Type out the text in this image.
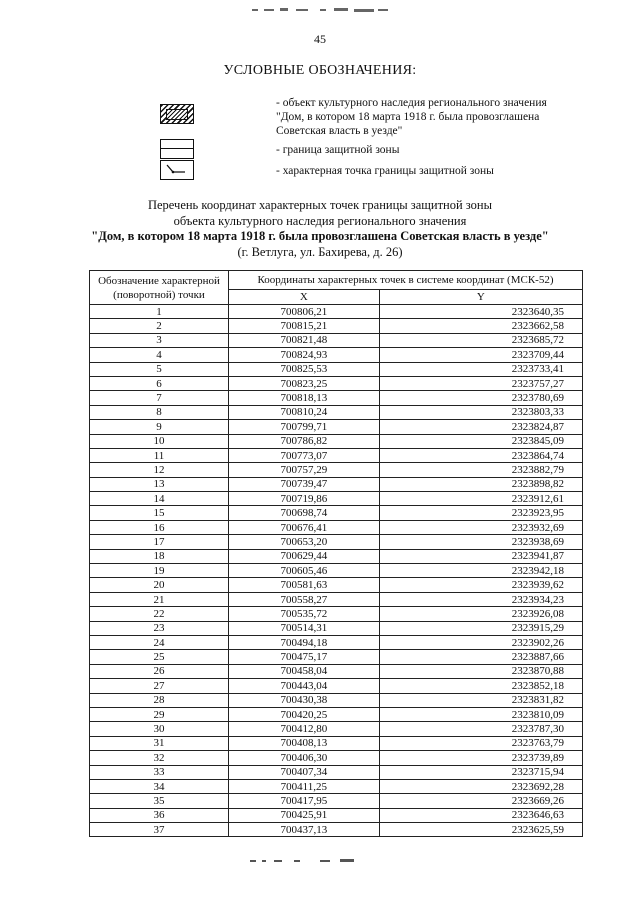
45
УСЛОВНЫЕ ОБОЗНАЧЕНИЯ:
- объект культурного наследия регионального значения "Дом, в котором 18 марта 1918 г. была провозглашена Советская власть в уезде"
- граница защитной зоны
- характерная точка границы защитной зоны
Перечень координат характерных точек границы защитной зоны
объекта культурного наследия регионального значения
"Дом, в котором 18 марта 1918 г. была провозглашена Советская власть в уезде"
(г. Ветлуга, ул. Бахирева, д. 26)
Обозначение характерной (поворотной) точки	Координаты характерных точек в системе координат (МСК-52)	
	X	Y
1	700806,21	2323640,35
2	700815,21	2323662,58
3	700821,48	2323685,72
4	700824,93	2323709,44
5	700825,53	2323733,41
6	700823,25	2323757,27
7	700818,13	2323780,69
8	700810,24	2323803,33
9	700799,71	2323824,87
10	700786,82	2323845,09
11	700773,07	2323864,74
12	700757,29	2323882,79
13	700739,47	2323898,82
14	700719,86	2323912,61
15	700698,74	2323923,95
16	700676,41	2323932,69
17	700653,20	2323938,69
18	700629,44	2323941,87
19	700605,46	2323942,18
20	700581,63	2323939,62
21	700558,27	2323934,23
22	700535,72	2323926,08
23	700514,31	2323915,29
24	700494,18	2323902,26
25	700475,17	2323887,66
26	700458,04	2323870,88
27	700443,04	2323852,18
28	700430,38	2323831,82
29	700420,25	2323810,09
30	700412,80	2323787,30
31	700408,13	2323763,79
32	700406,30	2323739,89
33	700407,34	2323715,94
34	700411,25	2323692,28
35	700417,95	2323669,26
36	700425,91	2323646,63
37	700437,13	2323625,59
